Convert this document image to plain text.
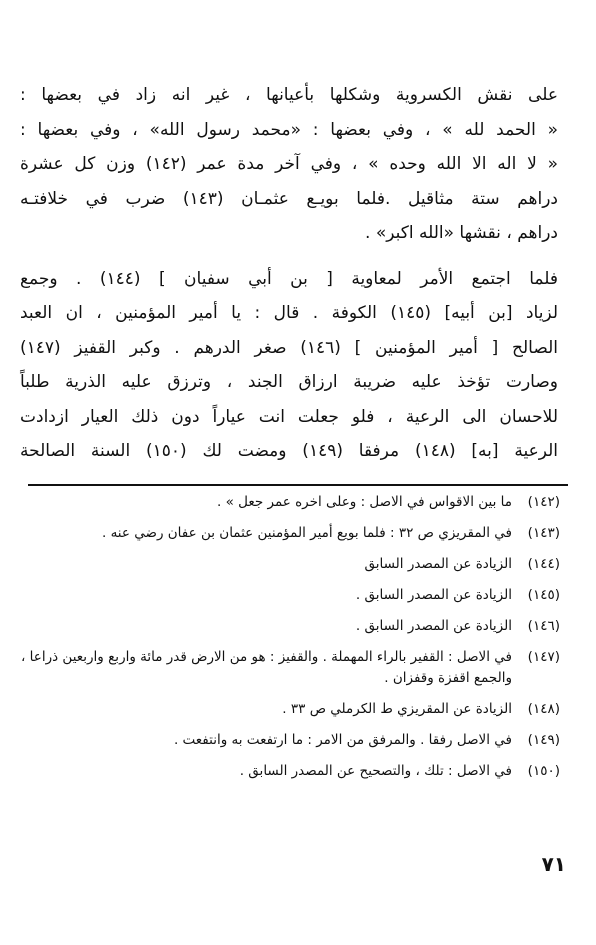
على نقش الكسروية وشكلها بأعيانها ، غير انه زاد في بعضها :
« الحمد لله » ، وفي بعضها : «محمد رسول الله» ، وفي بعضها :
« لا اله الا الله وحده » ، وفي آخر مدة عمر (١٤٢) وزن كل عشرة
دراهم ستة مثاقيل .فلما بويـع عثمـان (١٤٣) ضرب في خلافتـه
دراهم ، نقشها «الله اكبر» .

فلما اجتمع الأمر لمعاوية [ بن أبي سفيان ] (١٤٤) . وجمع
لزياد [بن أبيه] (١٤٥) الكوفة . قال : يا أمير المؤمنين ، ان العبد
الصالح [ أمير المؤمنين ] (١٤٦) صغر الدرهم . وكبر القفيز (١٤٧)
وصارت تؤخذ عليه ضريبة ارزاق الجند ، وترزق عليه الذرية طلباً
للاحسان الى الرعية ، فلو جعلت انت عياراً دون ذلك العيار ازدادت
الرعية [به] (١٤٨) مرفقا (١٤٩) ومضت لك (١٥٠) السنة الصالحة

(١٤٢)
ما بين الاقواس في الاصل : وعلى اخره عمر جعل » .
(١٤٣)
في المقريزي ص ٣٢ : فلما بويع أمير المؤمنين عثمان بن عفان رضي عنه .
(١٤٤)
الزيادة عن المصدر السابق
(١٤٥)
الزيادة عن المصدر السابق .
(١٤٦)
الزيادة عن المصدر السابق .
(١٤٧)
في الاصل : القفير بالراء المهملة . والقفيز : هو من الارض قدر مائة واربع واربعين ذراعا ، والجمع اقفزة وقفزان .
(١٤٨)
الزيادة عن المقريزي ط الكرملي ص ٣٣ .
(١٤٩)
في الاصل رفقا . والمرفق من الامر : ما ارتفعت به وانتفعت .
(١٥٠)
في الاصل : تلك ، والتصحيح عن المصدر السابق .
٧١
